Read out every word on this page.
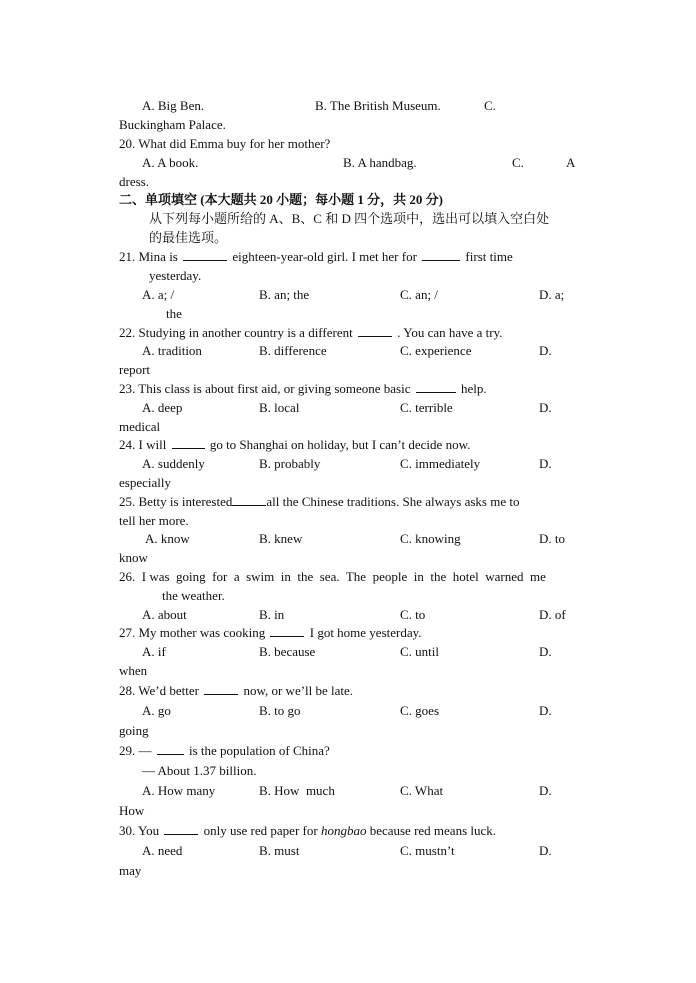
A. Big Ben.	B. The British Museum.	C.
Buckingham Palace.
20. What did Emma buy for her mother?
A. A book.	B. A handbag.	C.	A
dress.
二、单项填空 (本大题共 20 小题；每小题 1 分，共 20 分)
从下列每小题所给的 A、B、C 和 D 四个选项中，选出可以填入空白处
的最佳选项。
21. Mina is	eighteen-year-old girl. I met her for	first time
yesterday.
A. a; /	B. an; the	C. an; /	D. a;
the
22. Studying in another country is a different	. You can have a try.
A. tradition	B. difference	C. experience	D.
report
23. This class is about first aid, or giving someone basic	help.
A. deep	B. local	C. terrible	D.
medical
24. I will	go to Shanghai on holiday, but I can’t decide now.
A. suddenly	B. probably	C. immediately	D.
especially
25. Betty is interested	all the Chinese traditions. She always asks me to
tell her more.
A. know	B. knew	C. knowing	D. to
know
26.  I was  going  for  a  swim  in  the  sea.  The  people  in  the  hotel  warned  me
the weather.
A. about	B. in	C. to	D. of
27. My mother was cooking	I got home yesterday.
A. if	B. because	C. until	D.
when
28. We’d better	now, or we’ll be late.
A. go	B. to go	C. goes	D.
going
29. —	is the population of China?
— About 1.37 billion.
A. How many	B. How  much	C. What	D.
How
30. You	only use red paper for hongbao because red means luck.
A. need	B. must	C. mustn’t	D.
may
